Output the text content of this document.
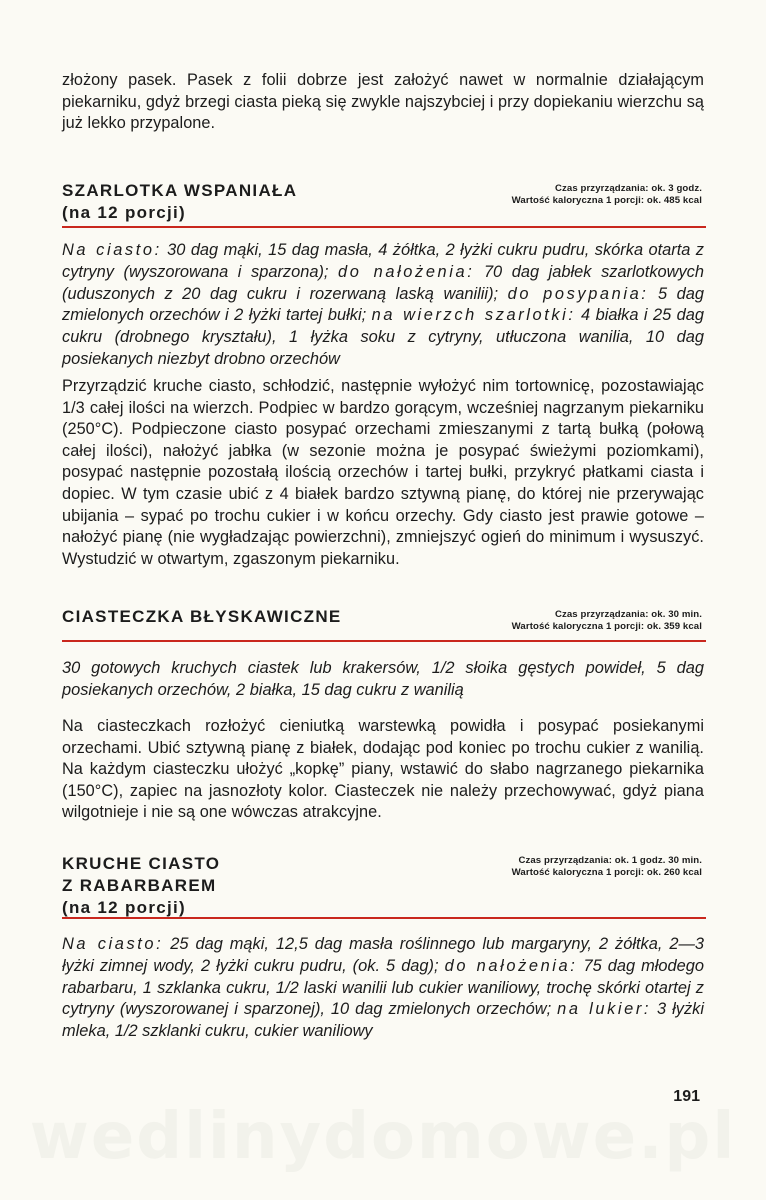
złożony pasek. Pasek z folii dobrze jest założyć nawet w normalnie działającym piekarniku, gdyż brzegi ciasta pieką się zwykle najszybciej i przy dopiekaniu wierzchu są już lekko przypalone.

SZARLOTKA WSPANIAŁA
(na 12 porcji)
Czas przyrządzania: ok. 3 godz.
Wartość kaloryczna 1 porcji: ok. 485 kcal

Na ciasto: 30 dag mąki, 15 dag masła, 4 żółtka, 2 łyżki cukru pudru, skórka otarta z cytryny (wyszorowana i sparzona); do nałożenia: 70 dag jabłek szarlotkowych (uduszonych z 20 dag cukru i rozerwaną laską wanilii); do posypania: 5 dag zmielonych orzechów i 2 łyżki tartej bułki; na wierzch szarlotki: 4 białka i 25 dag cukru (drobnego kryształu), 1 łyżka soku z cytryny, utłuczona wanilia, 10 dag posiekanych niezbyt drobno orzechów

Przyrządzić kruche ciasto, schłodzić, następnie wyłożyć nim tortownicę, pozostawiając 1/3 całej ilości na wierzch. Podpiec w bardzo gorącym, wcześniej nagrzanym piekarniku (250°C). Podpieczone ciasto posypać orzechami zmieszanymi z tartą bułką (połową całej ilości), nałożyć jabłka (w sezonie można je posypać świeżymi poziomkami), posypać następnie pozostałą ilością orzechów i tartej bułki, przykryć płatkami ciasta i dopiec. W tym czasie ubić z 4 białek bardzo sztywną pianę, do której nie przerywając ubijania – sypać po trochu cukier i w końcu orzechy. Gdy ciasto jest prawie gotowe – nałożyć pianę (nie wygładzając powierzchni), zmniejszyć ogień do minimum i wysuszyć. Wystudzić w otwartym, zgaszonym piekarniku.

CIASTECZKA BŁYSKAWICZNE	Czas przyrządzania: ok. 30 min.
Wartość kaloryczna 1 porcji: ok. 359 kcal

30 gotowych kruchych ciastek lub krakersów, 1/2 słoika gęstych powideł, 5 dag posiekanych orzechów, 2 białka, 15 dag cukru z wanilią

Na ciasteczkach rozłożyć cieniutką warstewką powidła i posypać posiekanymi orzechami. Ubić sztywną pianę z białek, dodając pod koniec po trochu cukier z wanilią. Na każdym ciasteczku ułożyć „kopkę” piany, wstawić do słabo nagrzanego piekarnika (150°C), zapiec na jasnozłoty kolor. Ciasteczek nie należy przechowywać, gdyż piana wilgotnieje i nie są one wówczas atrakcyjne.

KRUCHE CIASTO
Z RABARBAREM
(na 12 porcji)
Czas przyrządzania: ok. 1 godz. 30 min.
Wartość kaloryczna 1 porcji: ok. 260 kcal

Na ciasto: 25 dag mąki, 12,5 dag masła roślinnego lub margaryny, 2 żółtka, 2—3 łyżki zimnej wody, 2 łyżki cukru pudru, (ok. 5 dag); do nałożenia: 75 dag młodego rabarbaru, 1 szklanka cukru, 1/2 laski wanilii lub cukier waniliowy, trochę skórki otartej z cytryny (wyszorowanej i sparzonej), 10 dag zmielonych orzechów; na lukier: 3 łyżki mleka, 1/2 szklanki cukru, cukier waniliowy

191
wedlinydomowe.pl
